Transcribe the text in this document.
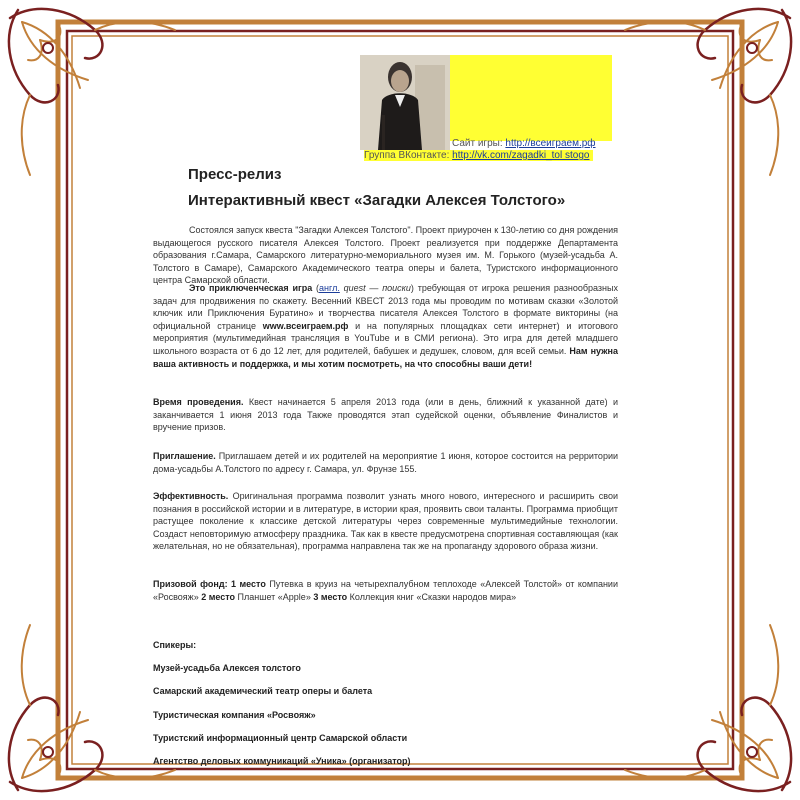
Сайт игры: http://всеиграем.рф
Группа ВКонтакте: http://vk.com/zagadki_tol stogo
Пресс-релиз
Интерактивный квест «Загадки Алексея Толстого»

Состоялся запуск квеста "Загадки Алексея Толстого". Проект приурочен к 130-летию со дня рождения выдающегося русского писателя Алексея Толстого. Проект реализуется при поддержке Департамента образования г.Самара, Самарского литературно-мемориального музея им. М. Горького (музей-усадьба А. Толстого в Самаре), Самарского Академического театра оперы и балета, Туристского информационного центра Самарской области.

Это приключенческая игра (англ. quest — поиски) требующая от игрока решения разнообразных задач для продвижения по скажету. Весенний КВЕСТ 2013 года мы проводим по мотивам сказки «Золотой ключик или Приключения Буратино» и творчества писателя Алексея Толстого в формате викторины (на официальной странице www.всеиграем.рф и на популярных площадках сети интернет) и итогового мероприятия (мультимедийная трансляция в YouTube и в СМИ региона). Это игра для детей младшего школьного возраста от 6 до 12 лет, для родителей, бабушек и дедушек, словом, для всей семьи. Нам нужна ваша активность и поддержка, и мы хотим посмотреть, на что способны ваши дети!

Время проведения. Квест начинается 5 апреля 2013 года (или в день, ближний к указанной дате) и заканчивается 1 июня 2013 года Также проводятся этап судейской оценки, объявление Финалистов и вручение призов.

Приглашение. Приглашаем детей и их родителей на мероприятие 1 июня, которое состоится на рерритории дома-усадьбы А.Толстого по адресу г. Самара, ул. Фрунзе 155.

Эффективность. Оригинальная программа позволит узнать много нового, интересного и расширить свои познания в российской истории и в литературе, в истории края, проявить свои таланты. Программа приобщит растущее поколение к классике детской литературы через современные мультимедийные технологии. Создаст неповторимую атмосферу праздника. Так как в квесте предусмотрена спортивная составляющая (как желательная, но не обязательная), программа направлена так же на пропаганду здорового образа жизни.

Призовой фонд: 1 место Путевка в круиз на четырехпалубном теплоходе «Алексей Толстой» от компании «Росвояж» 2 место Планшет «Apple» 3 место Коллекция книг «Сказки народов мира»

Спикеры:

Музей-усадьба Алексея толстого

Самарский академический театр оперы и балета

Туристическая компания «Росвояж»

Туристский информационный центр Самарской области

Агентство деловых коммуникаций «Уника» (организатор)
